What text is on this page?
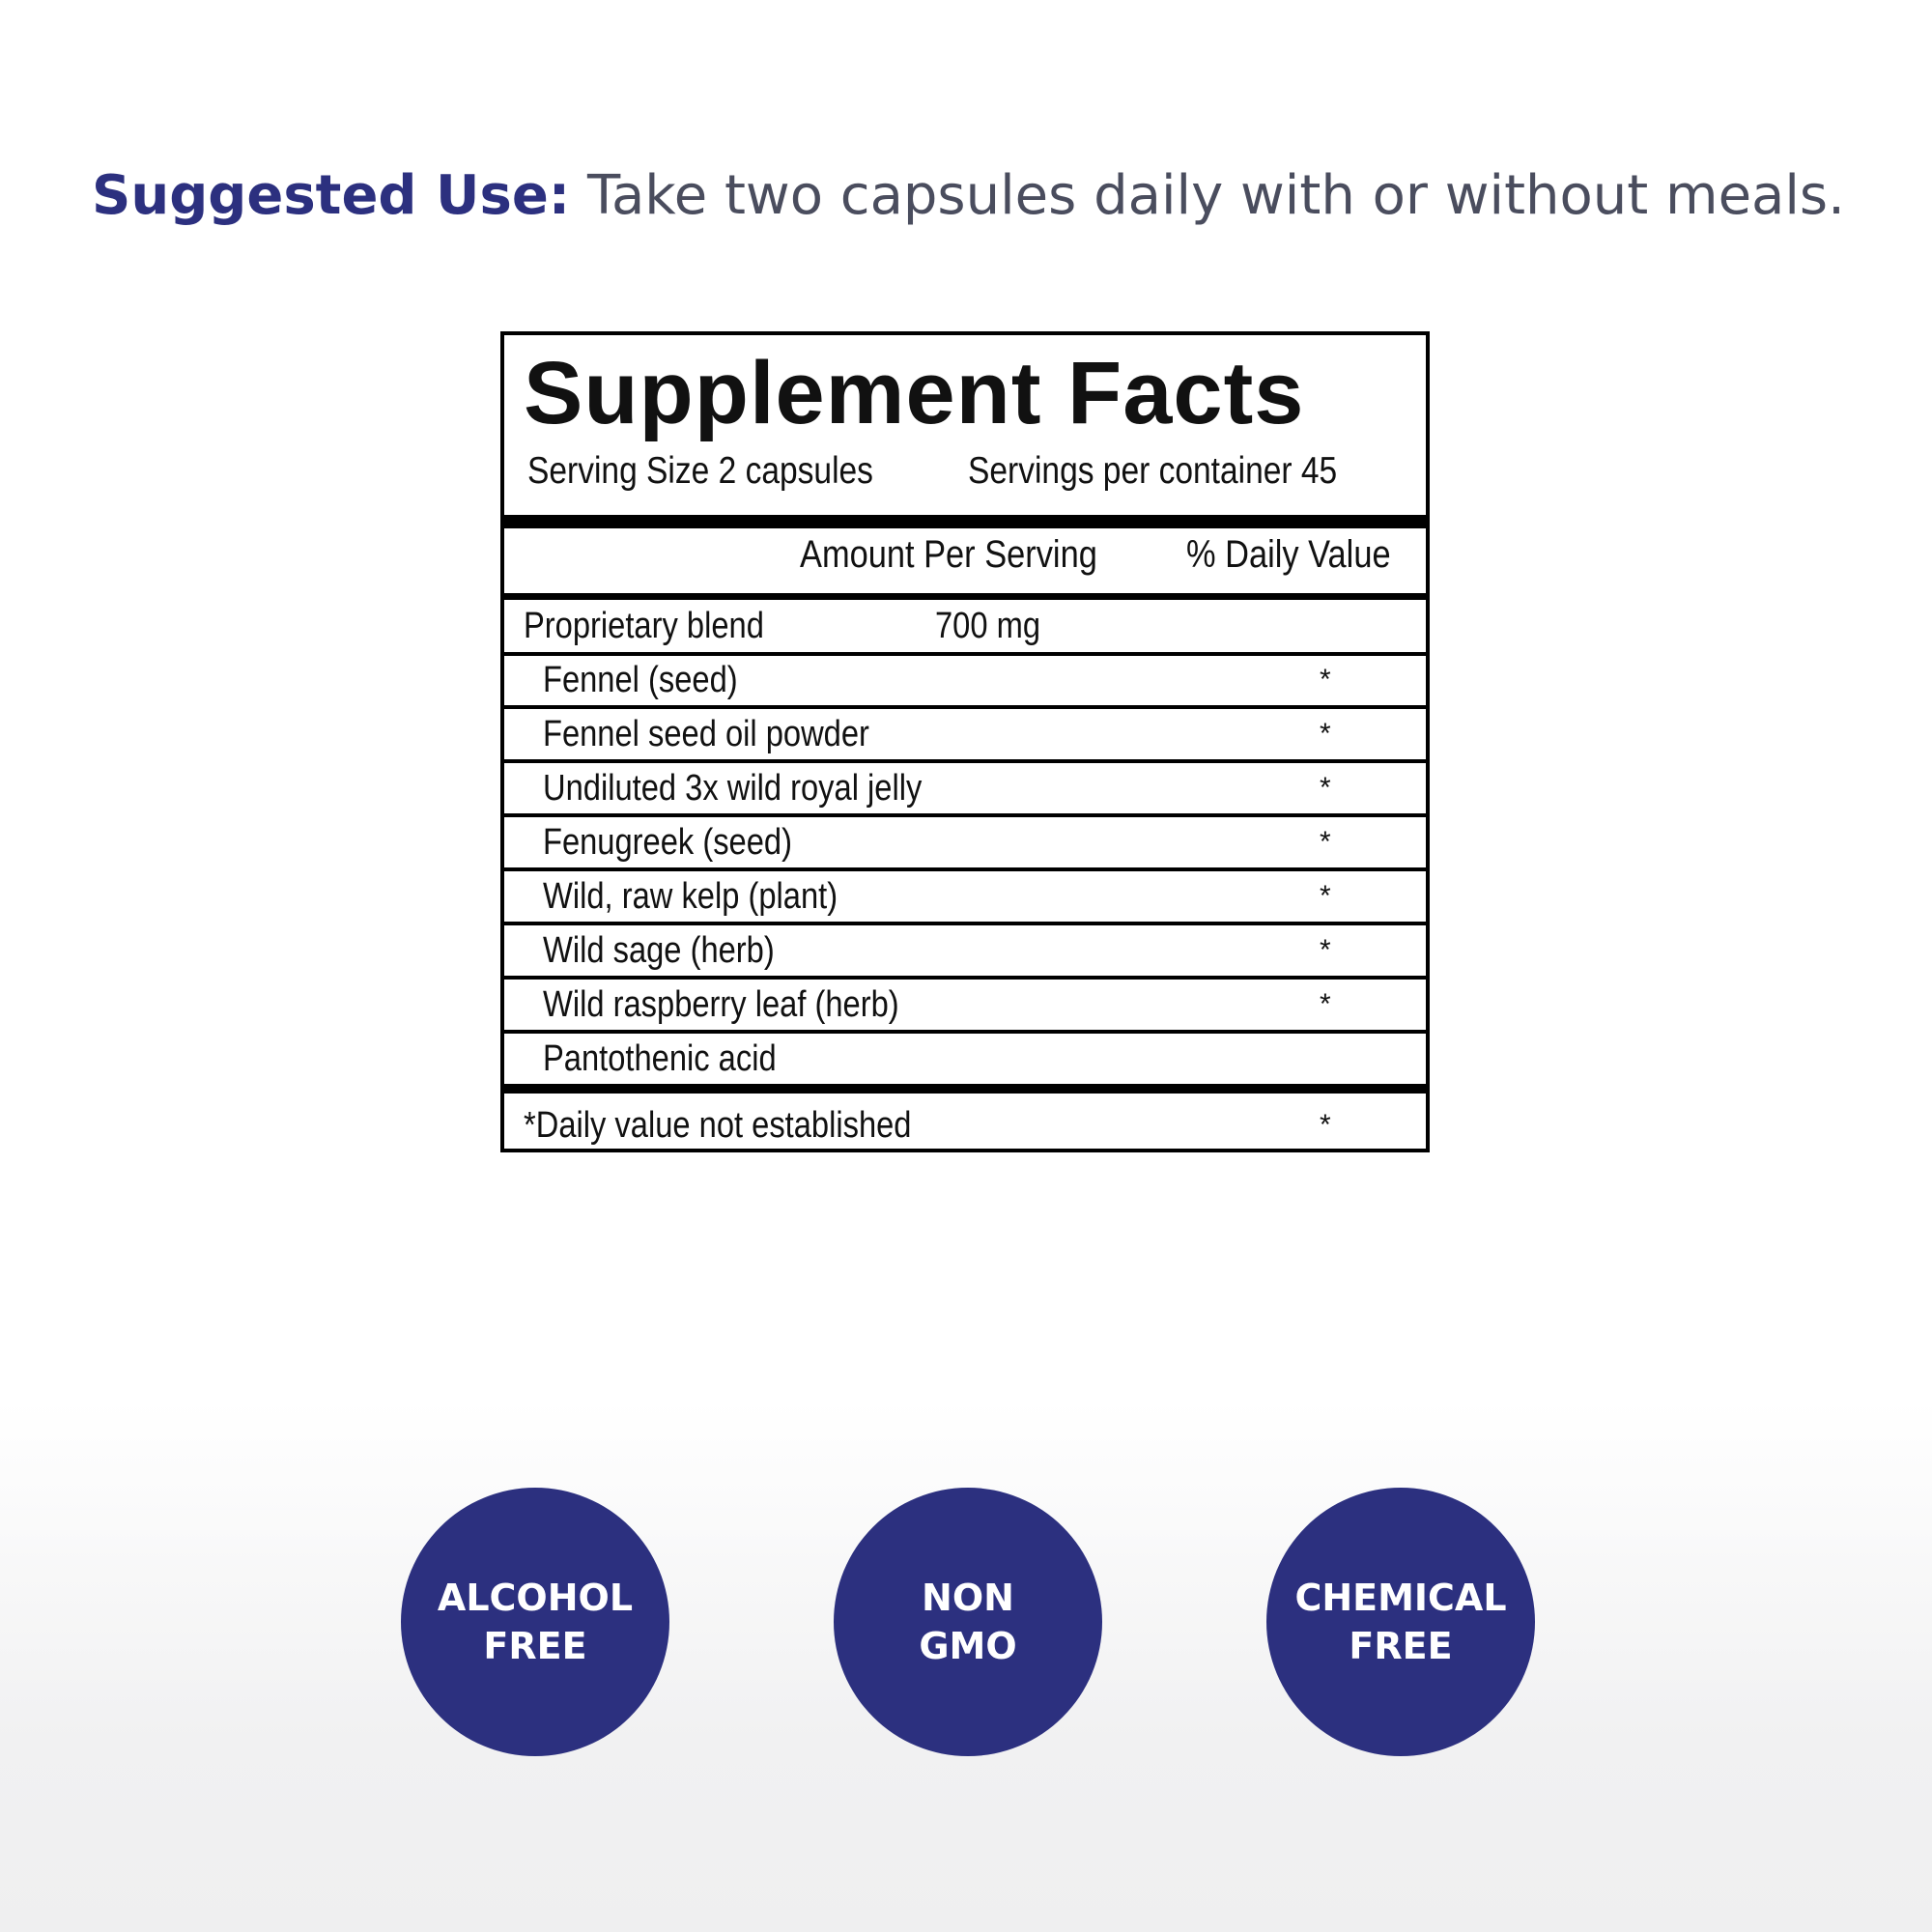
Suggested Use: Take two capsules daily with or without meals.
Supplement Facts
Serving Size 2 capsules	Servings per container 45
Amount Per Serving % Daily Value
Proprietary blend	700 mg
Fennel (seed)	*
Fennel seed oil powder	*
Undiluted 3x wild royal jelly	*
Fenugreek (seed)	*
Wild, raw kelp (plant)	*
Wild sage (herb)	*
Wild raspberry leaf (herb)	*
Pantothenic acid
*Daily value not established	*
ALCOHOL
FREE
NON
GMO
CHEMICAL
FREE
